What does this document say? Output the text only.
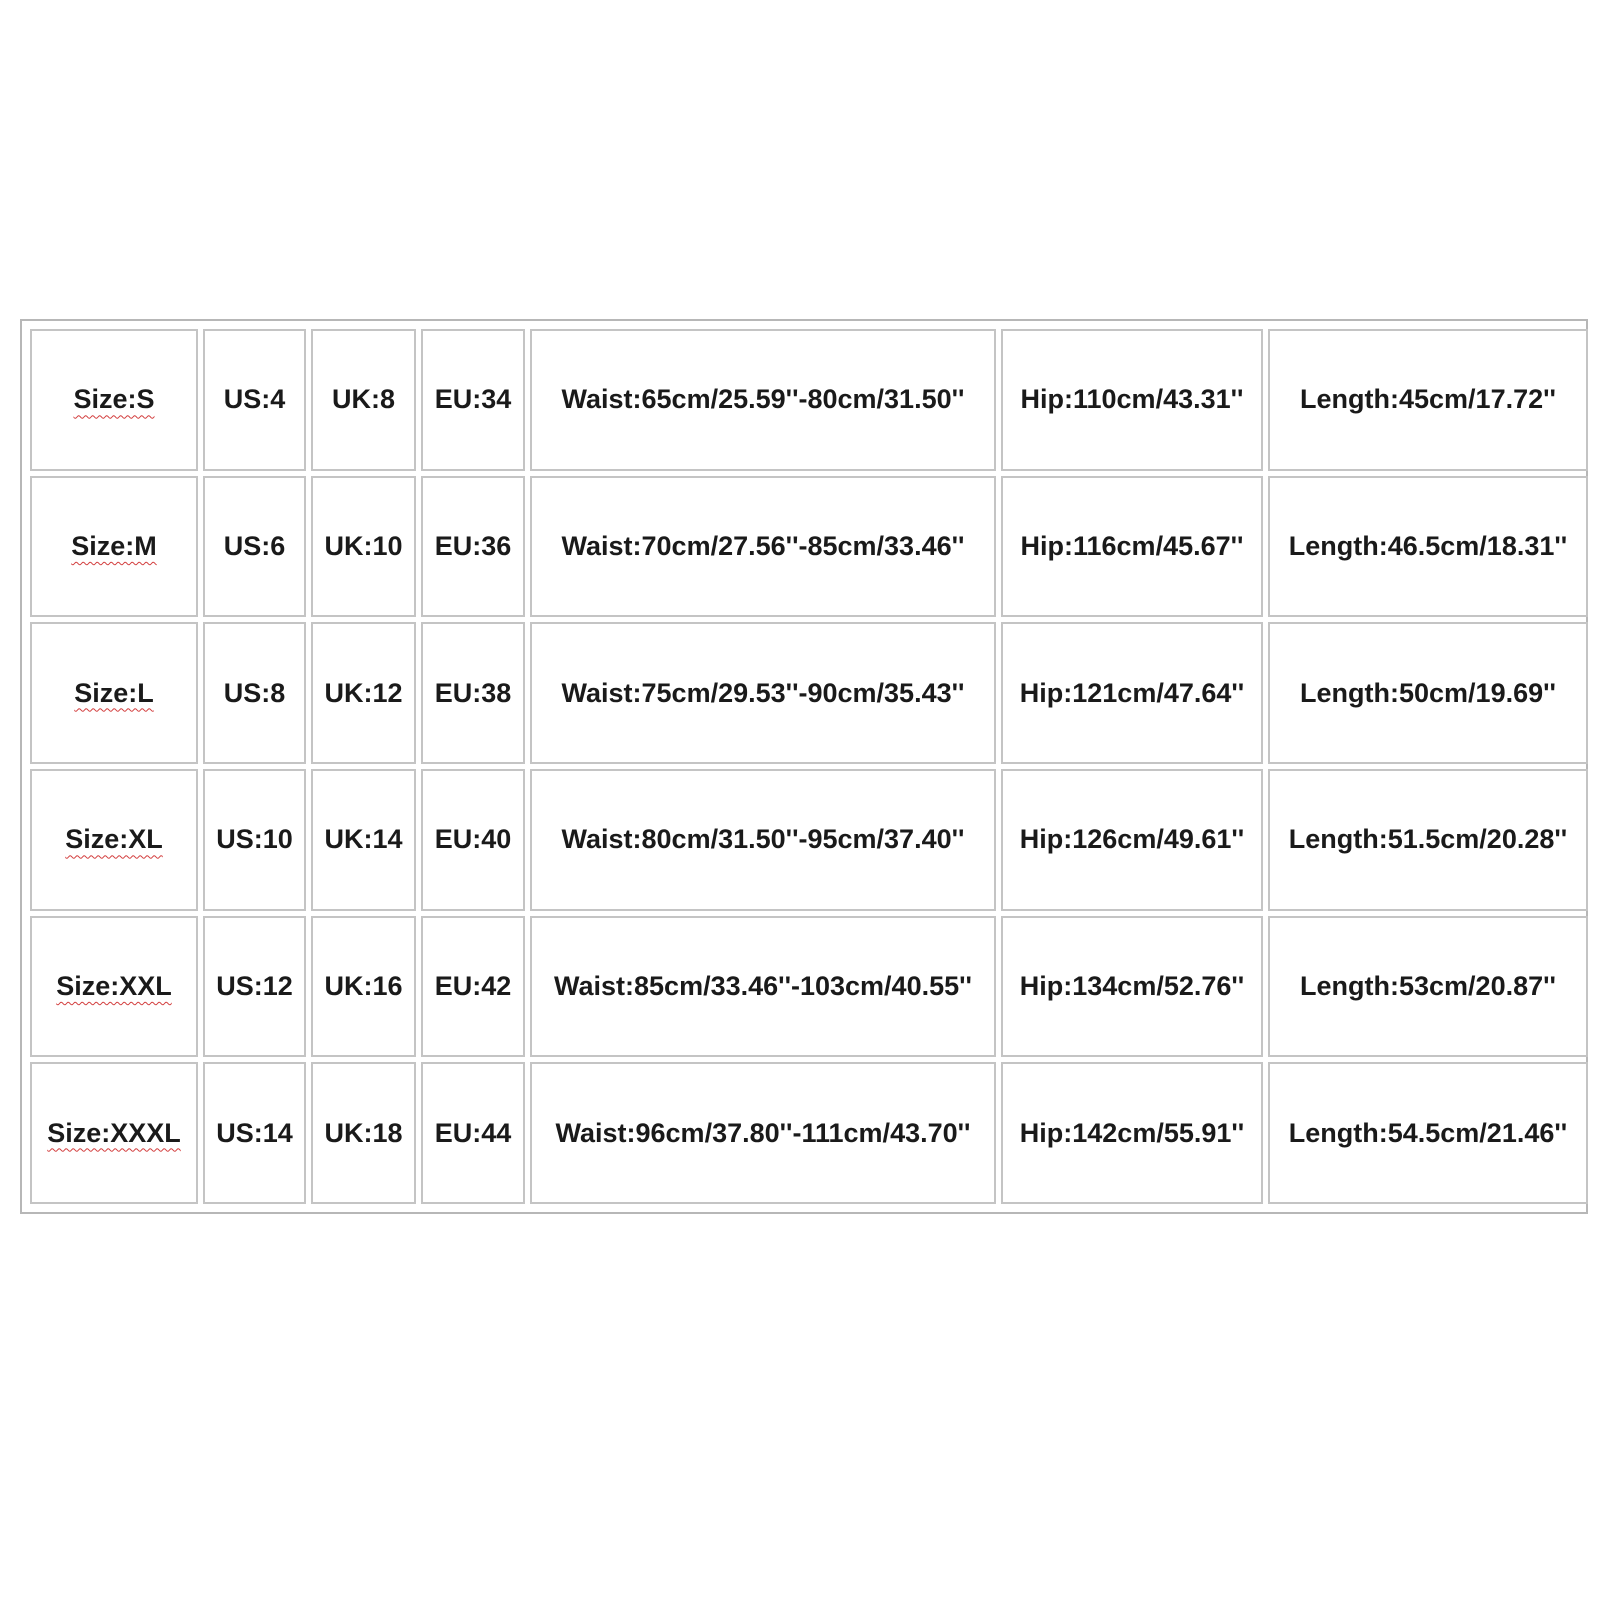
Size:S	US:4	UK:8	EU:34	Waist:65cm/25.59''-80cm/31.50''	Hip:110cm/43.31''	Length:45cm/17.72''
Size:M	US:6	UK:10	EU:36	Waist:70cm/27.56''-85cm/33.46''	Hip:116cm/45.67''	Length:46.5cm/18.31''
Size:L	US:8	UK:12	EU:38	Waist:75cm/29.53''-90cm/35.43''	Hip:121cm/47.64''	Length:50cm/19.69''
Size:XL	US:10	UK:14	EU:40	Waist:80cm/31.50''-95cm/37.40''	Hip:126cm/49.61''	Length:51.5cm/20.28''
Size:XXL	US:12	UK:16	EU:42	Waist:85cm/33.46''-103cm/40.55''	Hip:134cm/52.76''	Length:53cm/20.87''
Size:XXXL	US:14	UK:18	EU:44	Waist:96cm/37.80''-111cm/43.70''	Hip:142cm/55.91''	Length:54.5cm/21.46''
